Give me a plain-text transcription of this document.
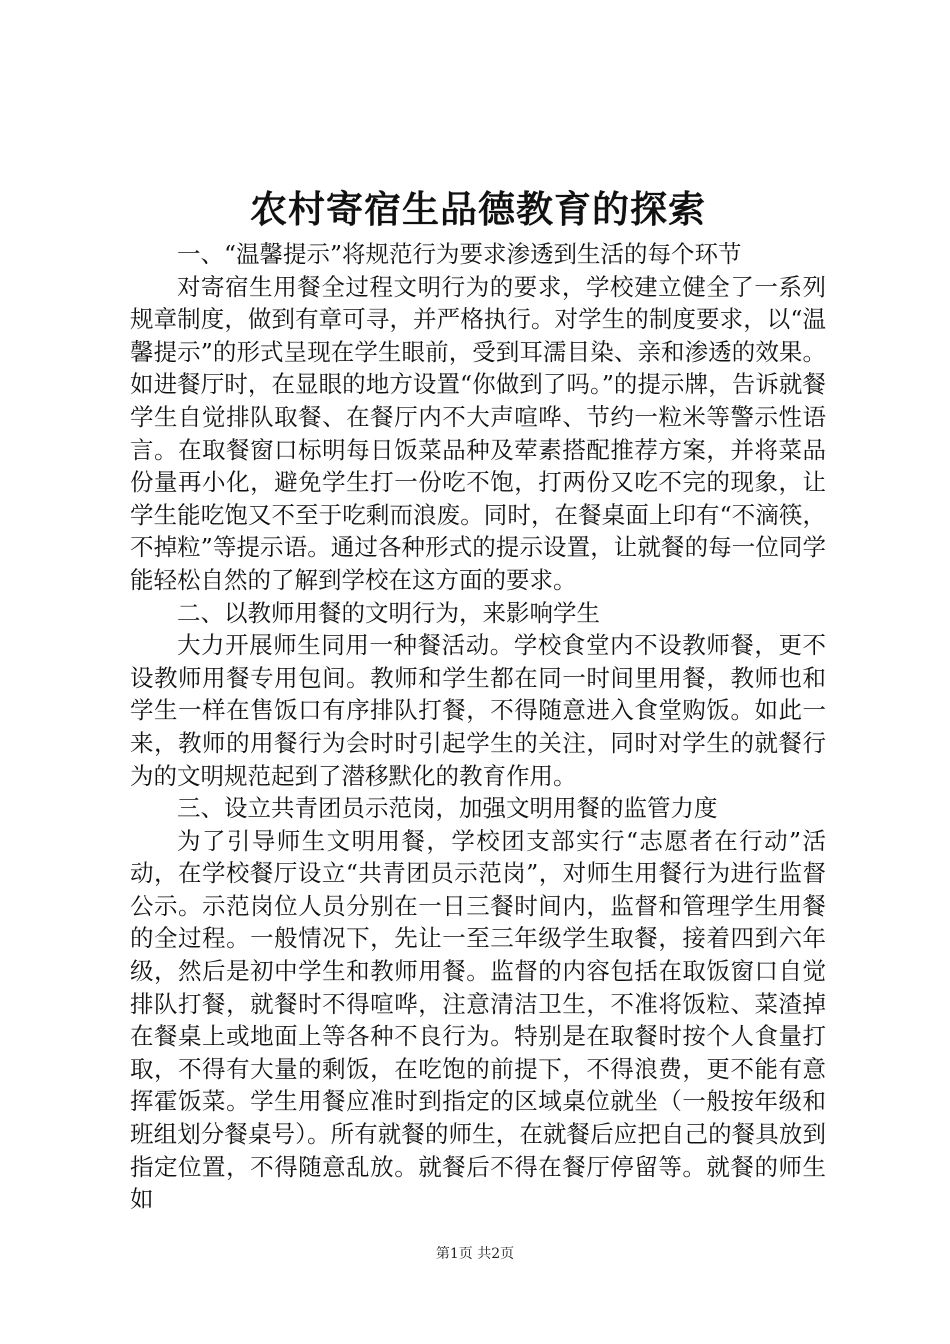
农村寄宿生品德教育的探索

一、“温馨提示”将规范行为要求渗透到生活的每个环节

对寄宿生用餐全过程文明行为的要求，学校建立健全了一系列规章制度，做到有章可寻，并严格执行。对学生的制度要求，以“温馨提示”的形式呈现在学生眼前，受到耳濡目染、亲和渗透的效果。如进餐厅时，在显眼的地方设置“你做到了吗。”的提示牌，告诉就餐学生自觉排队取餐、在餐厅内不大声喧哗、节约一粒米等警示性语言。在取餐窗口标明每日饭菜品种及荤素搭配推荐方案，并将菜品份量再小化，避免学生打一份吃不饱，打两份又吃不完的现象，让学生能吃饱又不至于吃剩而浪废。同时，在餐桌面上印有“不滴筷，不掉粒”等提示语。通过各种形式的提示设置，让就餐的每一位同学能轻松自然的了解到学校在这方面的要求。

二、以教师用餐的文明行为，来影响学生

大力开展师生同用一种餐活动。学校食堂内不设教师餐，更不设教师用餐专用包间。教师和学生都在同一时间里用餐，教师也和学生一样在售饭口有序排队打餐，不得随意进入食堂购饭。如此一来，教师的用餐行为会时时引起学生的关注，同时对学生的就餐行为的文明规范起到了潜移默化的教育作用。

三、设立共青团员示范岗，加强文明用餐的监管力度

为了引导师生文明用餐，学校团支部实行“志愿者在行动”活动，在学校餐厅设立“共青团员示范岗”，对师生用餐行为进行监督公示。示范岗位人员分别在一日三餐时间内，监督和管理学生用餐的全过程。一般情况下，先让一至三年级学生取餐，接着四到六年级，然后是初中学生和教师用餐。监督的内容包括在取饭窗口自觉排队打餐，就餐时不得喧哗，注意清洁卫生，不准将饭粒、菜渣掉在餐桌上或地面上等各种不良行为。特别是在取餐时按个人食量打取，不得有大量的剩饭，在吃饱的前提下，不得浪费，更不能有意挥霍饭菜。学生用餐应准时到指定的区域桌位就坐（一般按年级和班组划分餐桌号）。所有就餐的师生，在就餐后应把自己的餐具放到指定位置，不得随意乱放。就餐后不得在餐厅停留等。就餐的师生如

第1页 共2页
